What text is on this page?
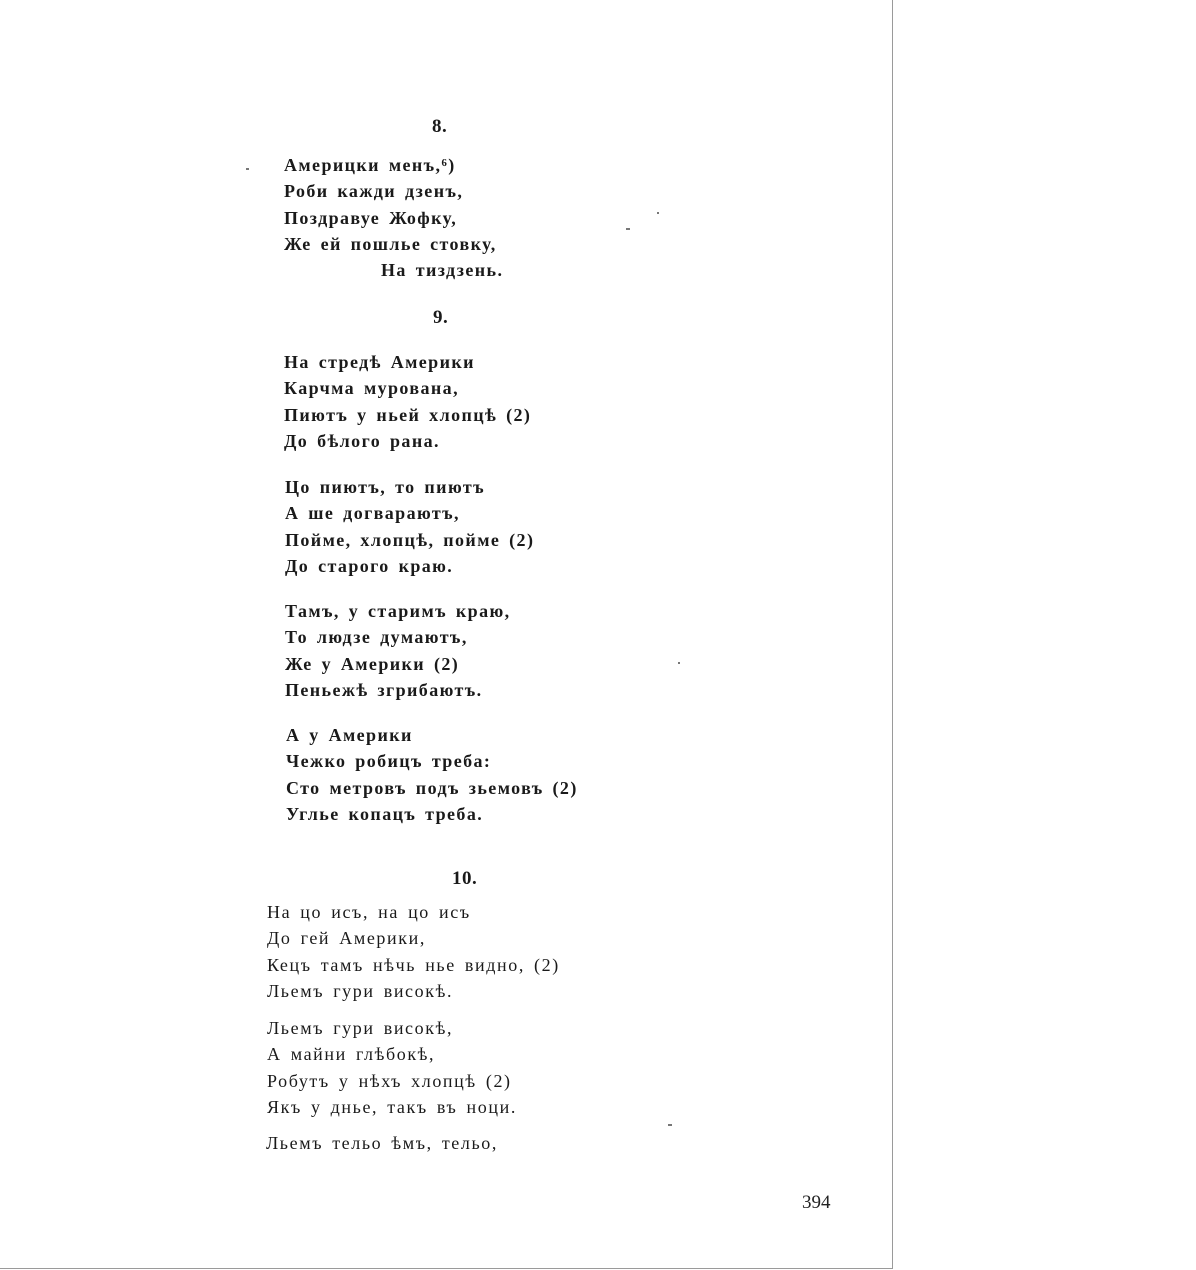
8.
Америцки менъ,⁶)
Роби кажди дзенъ,
Поздравуе Жофку,
Же ей пошлье стовку,
На тиздзень.
9.
На стредѣ Америки
Карчма мурована,
Пиютъ у ньей хлопцѣ (2)
До бѣлого рана.
Цо пиютъ, то пиютъ
А ше догвараютъ,
Пойме, хлопцѣ, пойме (2)
До старого краю.
Тамъ, у старимъ краю,
То людзе думаютъ,
Же у Америки (2)
Пеньежѣ згрибаютъ.
А у Америки
Чежко робицъ треба:
Сто метровъ подъ зьемовъ (2)
Углье копацъ треба.
10.
На цо исъ, на цо исъ
До гей Америки,
Кецъ тамъ нѣчь нье видно, (2)
Льемъ гури високѣ.
Льемъ гури високѣ,
А майни глѣбокѣ,
Робутъ у нѣхъ хлопцѣ (2)
Якъ у дньe, такъ въ ноци.
Льемъ тельо ѣмъ, тельо,
394
